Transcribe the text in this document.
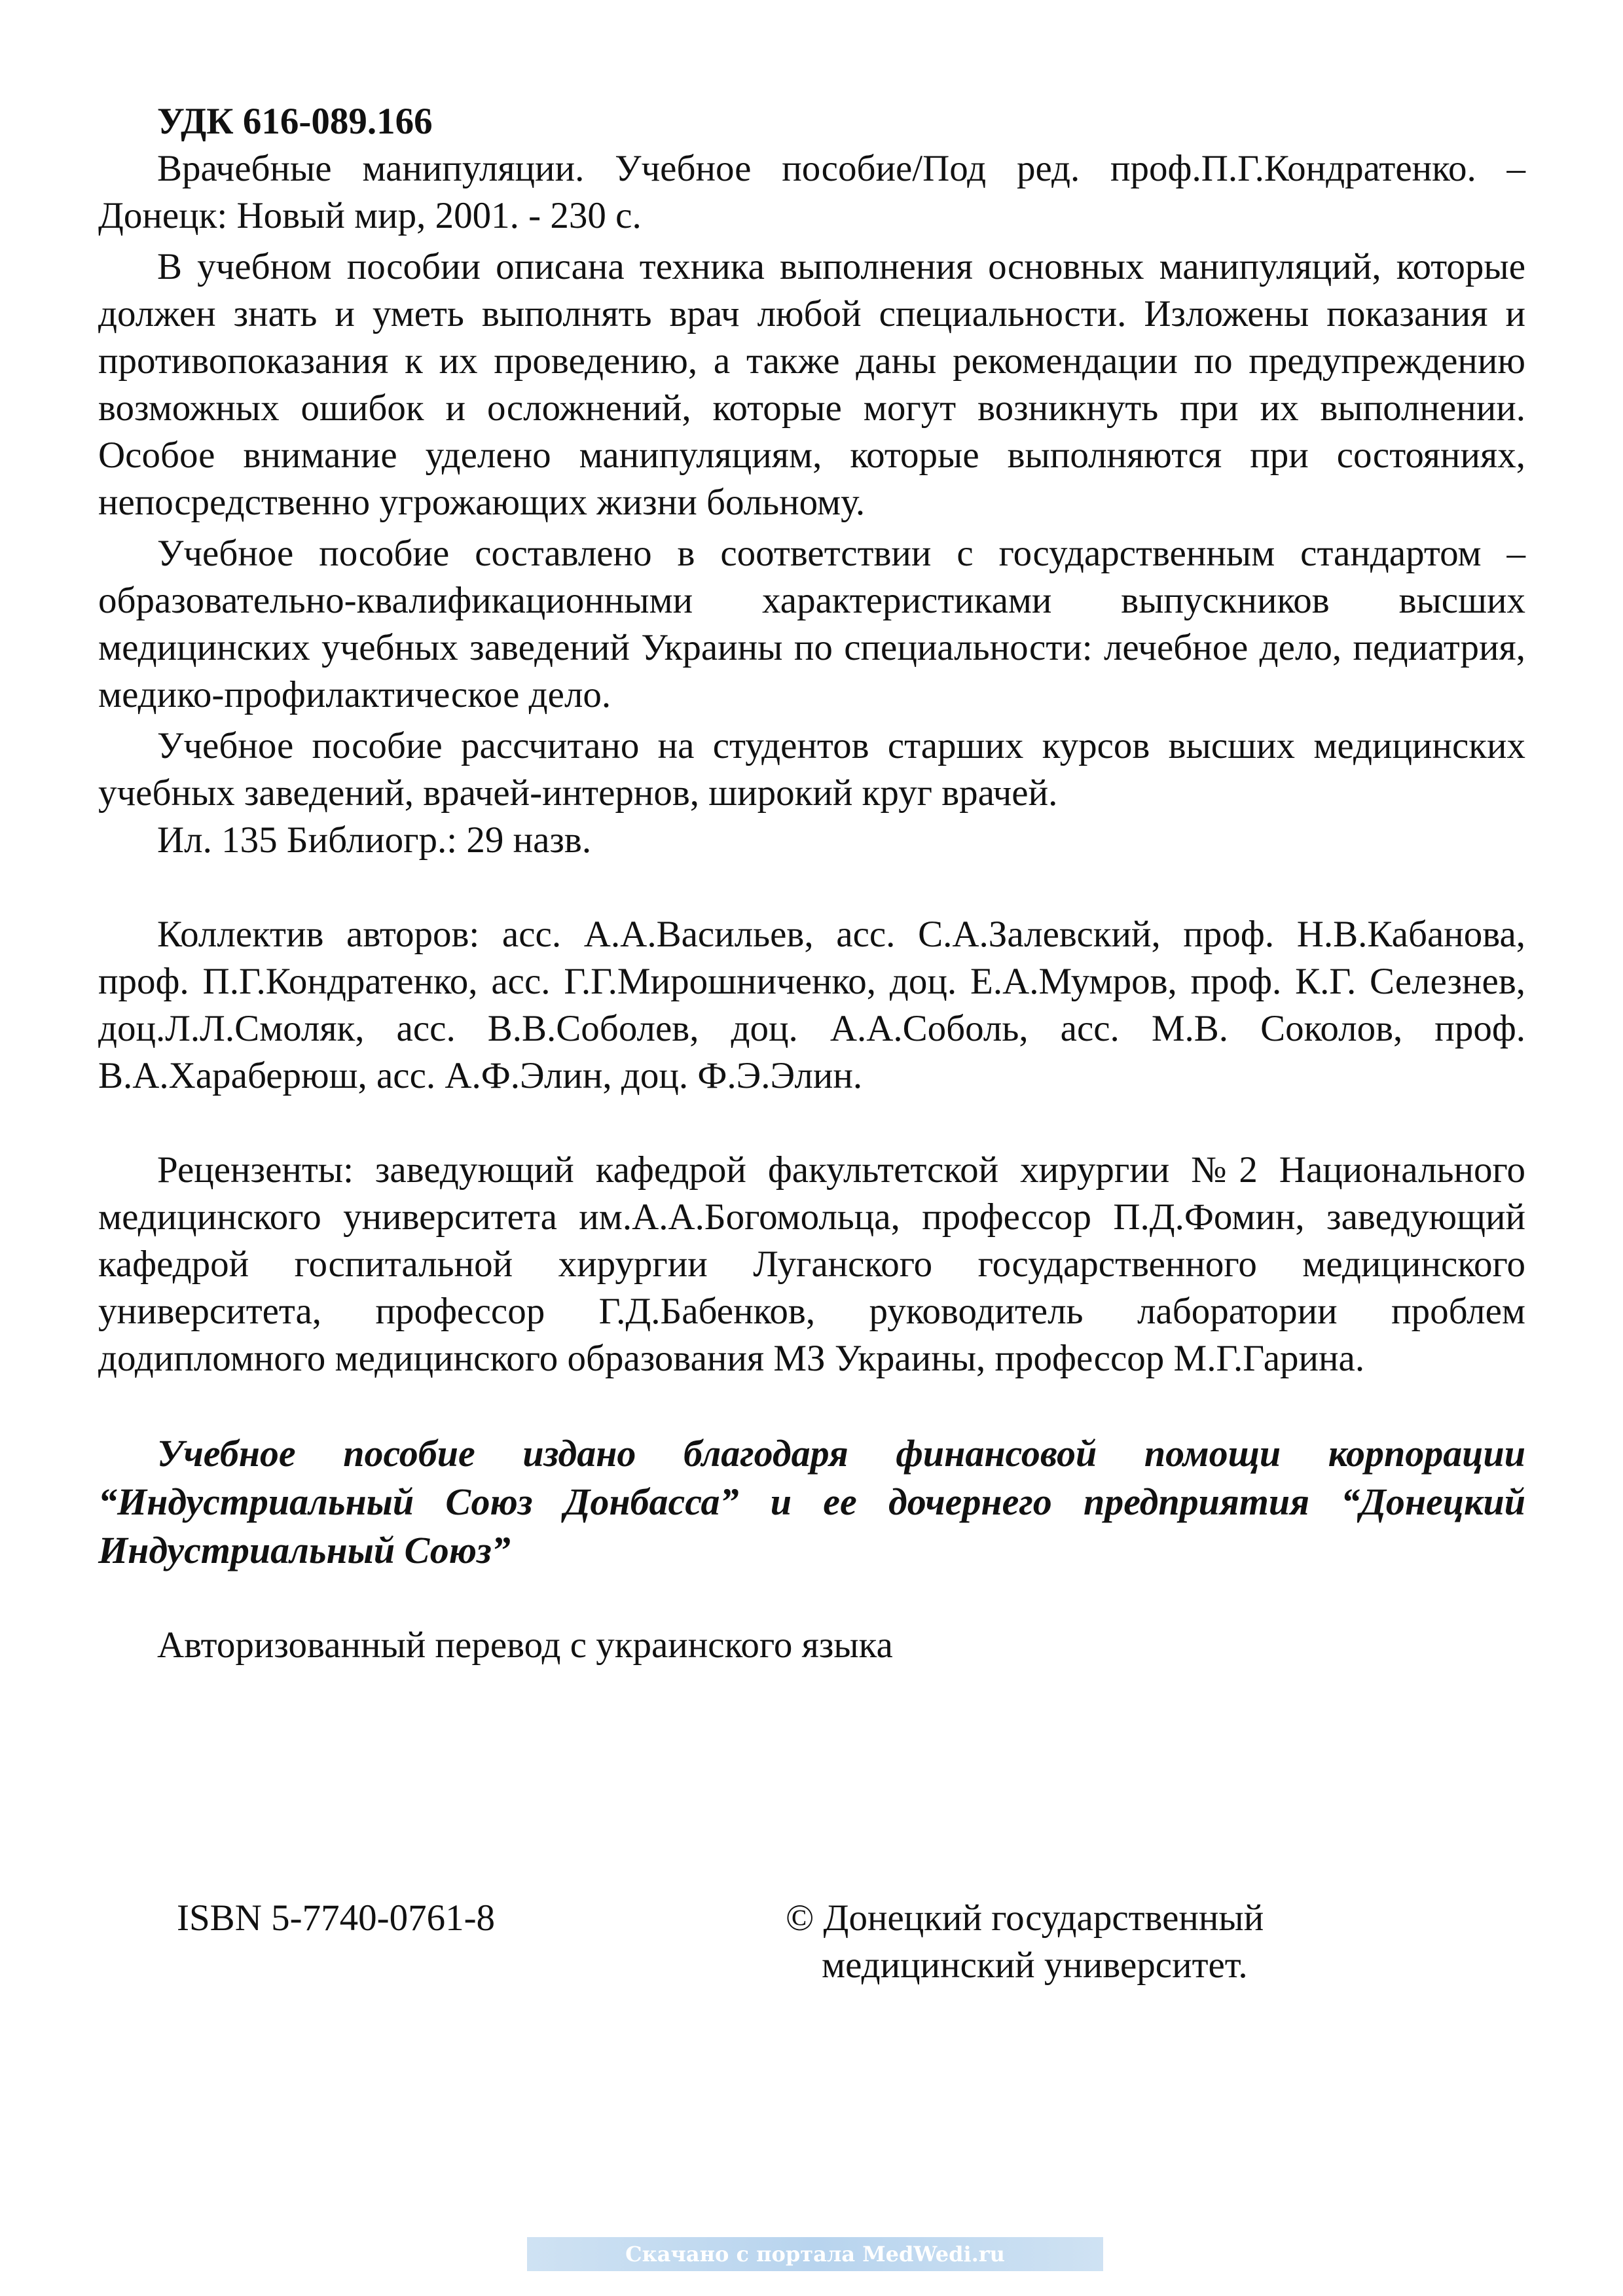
УДК 616-089.166

Врачебные манипуляции. Учебное пособие/Под ред. проф.П.Г.Кондратенко. – Донецк: Новый мир, 2001. - 230 с.

В учебном пособии описана техника выполнения основных манипуляций, которые должен знать и уметь выполнять врач любой специальности. Изложены показания и противопоказания к их проведению, а также даны рекомендации по предупреждению возможных ошибок и осложнений, которые могут возникнуть при их выполнении. Особое внимание уделено манипуляциям, которые выполняются при состояниях, непосредственно угрожающих жизни больному.

Учебное пособие составлено в соответствии с государственным стандартом – образовательно-квалификационными характеристиками выпускников высших медицинских учебных заведений Украины по специальности: лечебное дело, педиатрия, медико-профилактическое дело.

Учебное пособие рассчитано на студентов старших курсов высших медицинских учебных заведений, врачей-интернов, широкий круг врачей.

Ил. 135 Библиогр.: 29 назв.

Коллектив авторов: асс. А.А.Васильев, асс. С.А.Залевский, проф. Н.В.Кабанова, проф. П.Г.Кондратенко, асс. Г.Г.Мирошниченко, доц. Е.А.Мумров, проф. К.Г. Селезнев, доц.Л.Л.Смоляк, асс. В.В.Соболев, доц. А.А.Соболь, асс. М.В. Соколов, проф. В.А.Хараберюш, асс. А.Ф.Элин, доц. Ф.Э.Элин.

Рецензенты: заведующий кафедрой факультетской хирургии №2 Национального медицинского университета им.А.А.Богомольца, профессор П.Д.Фомин, заведующий кафедрой госпитальной хирургии Луганского государственного медицинского университета, профессор Г.Д.Бабенков, руководитель лаборатории проблем додипломного медицинского образования МЗ Украины, профессор М.Г.Гарина.

Учебное пособие издано благодаря финансовой помощи корпорации “Индустриальный Союз Донбасса” и ее дочернего предприятия “Донецкий Индустриальный Союз”

Авторизованный перевод с украинского языка

ISBN 5-7740-0761-8	© Донецкий государственный
медицинский университет.
Скачано с портала MedWedi.ru
